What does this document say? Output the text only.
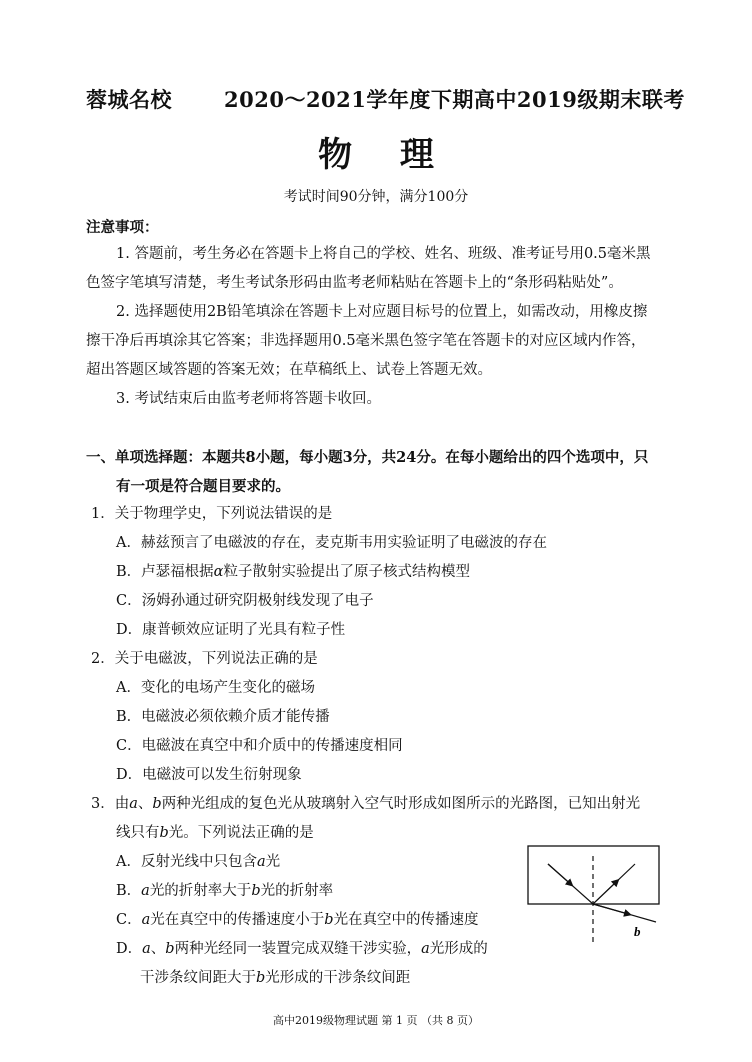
蓉城名校 2020～2021学年度下期高中2019级期末联考
物 理
考试时间90分钟，满分100分
注意事项：
1. 答题前，考生务必在答题卡上将自己的学校、姓名、班级、准考证号用0.5毫米黑
色签字笔填写清楚，考生考试条形码由监考老师粘贴在答题卡上的“条形码粘贴处”。
2. 选择题使用2B铅笔填涂在答题卡上对应题目标号的位置上，如需改动，用橡皮擦
擦干净后再填涂其它答案；非选择题用0.5毫米黑色签字笔在答题卡的对应区域内作答，
超出答题区域答题的答案无效；在草稿纸上、试卷上答题无效。
3. 考试结束后由监考老师将答题卡收回。
一、单项选择题：本题共8小题，每小题3分，共24分。在每小题给出的四个选项中，只
有一项是符合题目要求的。
1．关于物理学史，下列说法错误的是
A．赫兹预言了电磁波的存在，麦克斯韦用实验证明了电磁波的存在
B．卢瑟福根据α粒子散射实验提出了原子核式结构模型
C．汤姆孙通过研究阴极射线发现了电子
D．康普顿效应证明了光具有粒子性
2．关于电磁波，下列说法正确的是
A．变化的电场产生变化的磁场
B．电磁波必须依赖介质才能传播
C．电磁波在真空中和介质中的传播速度相同
D．电磁波可以发生衍射现象
3．由a、b两种光组成的复色光从玻璃射入空气时形成如图所示的光路图，已知出射光
线只有b光。下列说法正确的是
A．反射光线中只包含a光
B．a光的折射率大于b光的折射率
C．a光在真空中的传播速度小于b光在真空中的传播速度
D．a、b两种光经同一装置完成双缝干涉实验，a光形成的
干涉条纹间距大于b光形成的干涉条纹间距
b
高中2019级物理试题 第 1 页 （共 8 页）
